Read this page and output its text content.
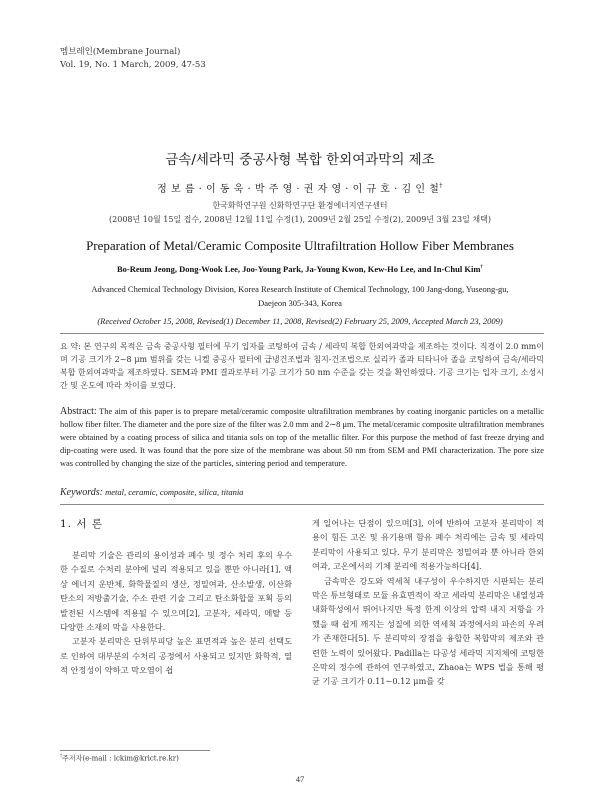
멤브레인(Membrane Journal)
Vol. 19, No. 1 March, 2009, 47-53
금속/세라믹 중공사형 복합 한외여과막의 제조
정 보 름 · 이 동 욱 · 박 주 영 · 권 자 영 · 이 규 호 · 김 인 철†
한국화학연구원 신화학연구단 환경에너지연구센터
(2008년 10월 15일 접수, 2008년 12월 11일 수정(1), 2009년 2월 25일 수정(2), 2009년 3월 23일 채택)
Preparation of Metal/Ceramic Composite Ultrafiltration Hollow Fiber Membranes
Bo-Reum Jeong, Dong-Wook Lee, Joo-Young Park, Ja-Young Kwon, Kew-Ho Lee, and In-Chul Kim†
Advanced Chemical Technology Division, Korea Research Institute of Chemical Technology, 100 Jang-dong, Yuseong-gu,
Daejeon 305-343, Korea
(Received October 15, 2008, Revised(1) December 11, 2008, Revised(2) February 25, 2009, Accepted March 23, 2009)
요 약: 본 연구의 목적은 금속 중공사형 필터에 무기 입자를 코팅하여 금속 / 세라믹 복합 한외여과막을 제조하는 것이다. 직경이 2.0 mm이며 기공 크기가 2~8 μm 범위를 갖는 니켈 중공사 필터에 급냉건조법과 침지-건조법으로 실리카 졸과 티타니아 졸을 코팅하여 금속/세라믹 복합 한외여과막을 제조하였다. SEM과 PMI 결과로부터 기공 크기가 50 nm 수준을 갖는 것을 확인하였다. 기공 크기는 입자 크기, 소성시간 및 온도에 따라 차이를 보였다.
Abstract: The aim of this paper is to prepare metal/ceramic composite ultrafiltration membranes by coating inorganic particles on a metallic hollow fiber filter. The diameter and the pore size of the filter was 2.0 mm and 2∼8 μm. The metal/ceramic composite ultrafiltration membranes were obtained by a coating process of silica and titania sols on top of the metallic filter. For this purpose the method of fast freeze drying and dip-coating were used. It was found that the pore size of the membrane was about 50 nm from SEM and PMI characterization. The pore size was controlled by changing the size of the particles, sintering period and temperature.
Keywords: metal, ceramic, composite, silica, titania
1. 서 론

분리막 기술은 관리의 용이성과 폐수 및 정수 처리 후의 우수한 수질로 수처리 분야에 널리 적용되고 있을 뿐만 아니라[1], 액상 에너지 운반체, 화학물질의 생산, 정밀여과, 산소발생, 이산화탄소의 저방출기술, 수소 관련 기술 그리고 탄소화합물 포획 등의 발전된 시스템에 적용될 수 있으며[2], 고분자, 세라믹, 메탈 등 다양한 소재의 막을 사용한다.

고분자 분리막은 단위부피당 높은 표면적과 높은 분리 선택도로 인하여 대부분의 수처리 공정에서 사용되고 있지만 화학적, 열적 안정성이 약하고 막오염이 쉽

게 일어나는 단점이 있으며[3], 이에 반하여 고분자 분리막이 적용이 힘든 고온 및 유기용매 함유 폐수 처리에는 금속 및 세라믹 분리막이 사용되고 있다. 무기 분리막은 정밀여과 뿐 아니라 한외여과, 고온에서의 기체 분리에 적용가능하다[4].

금속막은 강도와 역세척 내구성이 우수하지만 시판되는 분리막은 튜브형태로 모듈 유효면적이 작고 세라믹 분리막은 내열성과 내화학성에서 뛰어나지만 특정 한계 이상의 압력 내지 저항을 가했을 때 쉽게 깨지는 성질에 의한 역세척 과정에서의 파손의 우려가 존재한다[5]. 두 분리막의 장점을 융합한 복합막의 제조와 관련한 노력이 있어왔다. Padilla는 다공성 세라믹 지지체에 코팅한 은막의 정수에 관하여 연구하였고, Zhaoa는 WPS 법을 통해 평균 기공 크기가 0.11∼0.12 μm를 갖

†주저자(e-mail : ickim@krict.re.kr)
47
